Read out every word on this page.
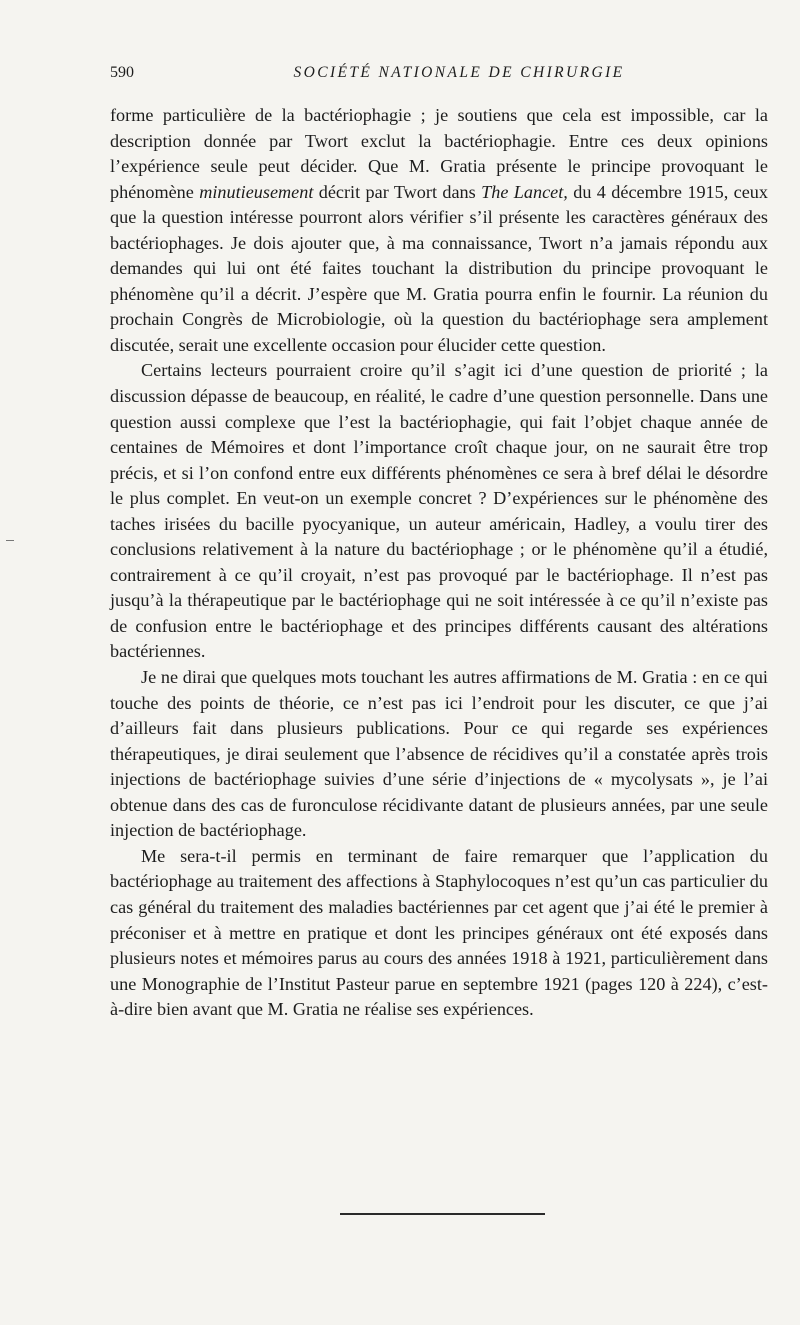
590	SOCIÉTÉ NATIONALE DE CHIRURGIE

forme particulière de la bactériophagie ; je soutiens que cela est impossible, car la description donnée par Twort exclut la bactériophagie. Entre ces deux opinions l’expérience seule peut décider. Que M. Gratia présente le principe provoquant le phénomène minutieusement décrit par Twort dans The Lancet, du 4 décembre 1915, ceux que la question intéresse pourront alors vérifier s’il présente les caractères généraux des bactériophages. Je dois ajouter que, à ma connaissance, Twort n’a jamais répondu aux demandes qui lui ont été faites touchant la distribution du principe provoquant le phénomène qu’il a décrit. J’espère que M. Gratia pourra enfin le fournir. La réunion du prochain Congrès de Microbiologie, où la question du bactériophage sera amplement discutée, serait une excellente occasion pour élucider cette question.

Certains lecteurs pourraient croire qu’il s’agit ici d’une question de priorité ; la discussion dépasse de beaucoup, en réalité, le cadre d’une question personnelle. Dans une question aussi complexe que l’est la bactériophagie, qui fait l’objet chaque année de centaines de Mémoires et dont l’importance croît chaque jour, on ne saurait être trop précis, et si l’on confond entre eux différents phénomènes ce sera à bref délai le désordre le plus complet. En veut-on un exemple concret ? D’expériences sur le phénomène des taches irisées du bacille pyocyanique, un auteur américain, Hadley, a voulu tirer des conclusions relativement à la nature du bactériophage ; or le phénomène qu’il a étudié, contrairement à ce qu’il croyait, n’est pas provoqué par le bactériophage. Il n’est pas jusqu’à la thérapeutique par le bactériophage qui ne soit intéressée à ce qu’il n’existe pas de confusion entre le bactériophage et des principes différents causant des altérations bactériennes.

Je ne dirai que quelques mots touchant les autres affirmations de M. Gratia : en ce qui touche des points de théorie, ce n’est pas ici l’endroit pour les discuter, ce que j’ai d’ailleurs fait dans plusieurs publications. Pour ce qui regarde ses expériences thérapeutiques, je dirai seulement que l’absence de récidives qu’il a constatée après trois injections de bactériophage suivies d’une série d’injections de « mycolysats », je l’ai obtenue dans des cas de furonculose récidivante datant de plusieurs années, par une seule injection de bactériophage.

Me sera-t-il permis en terminant de faire remarquer que l’application du bactériophage au traitement des affections à Staphylocoques n’est qu’un cas particulier du cas général du traitement des maladies bactériennes par cet agent que j’ai été le premier à préconiser et à mettre en pratique et dont les principes généraux ont été exposés dans plusieurs notes et mémoires parus au cours des années 1918 à 1921, particulièrement dans une Monographie de l’Institut Pasteur parue en septembre 1921 (pages 120 à 224), c’est-à-dire bien avant que M. Gratia ne réalise ses expériences.
